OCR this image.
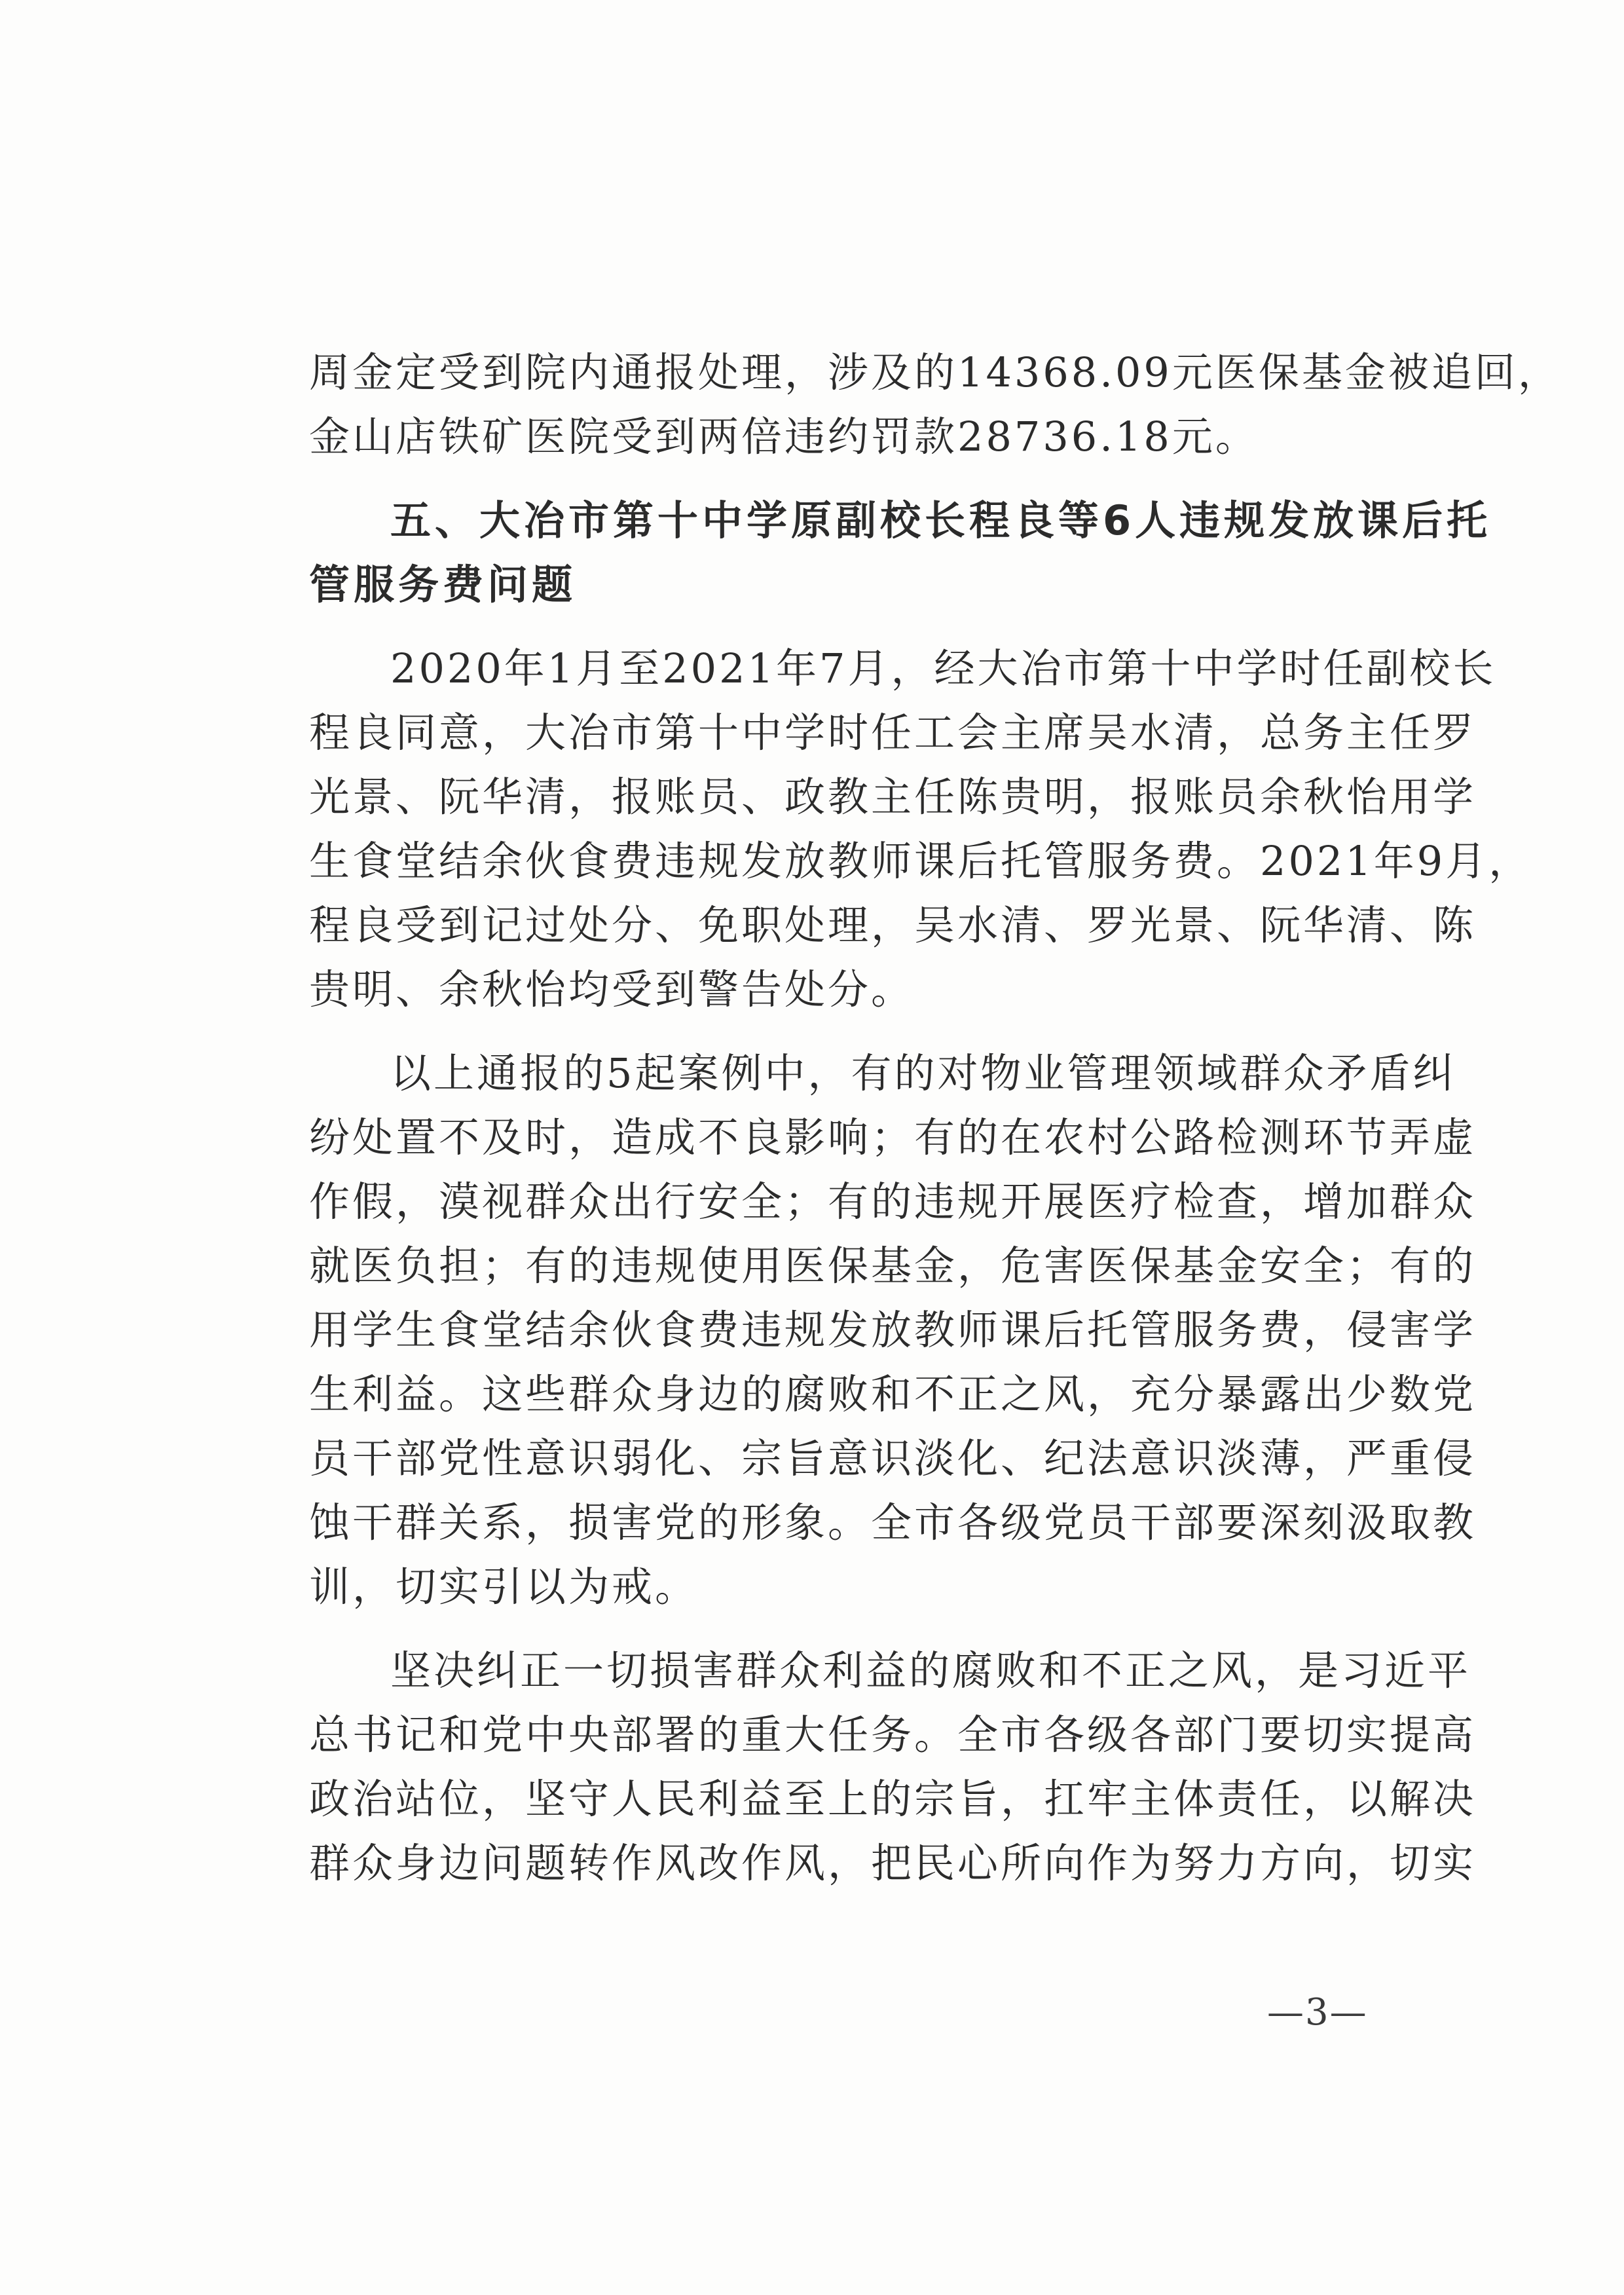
周金定受到院内通报处理，涉及的14368.09元医保基金被追回，
金山店铁矿医院受到两倍违约罚款28736.18元。
五、大冶市第十中学原副校长程良等6人违规发放课后托
管服务费问题
2020年1月至2021年7月，经大冶市第十中学时任副校长
程良同意，大冶市第十中学时任工会主席吴水清，总务主任罗
光景、阮华清，报账员、政教主任陈贵明，报账员余秋怡用学
生食堂结余伙食费违规发放教师课后托管服务费。2021年9月，
程良受到记过处分、免职处理，吴水清、罗光景、阮华清、陈
贵明、余秋怡均受到警告处分。
以上通报的5起案例中，有的对物业管理领域群众矛盾纠
纷处置不及时，造成不良影响；有的在农村公路检测环节弄虚
作假，漠视群众出行安全；有的违规开展医疗检查，增加群众
就医负担；有的违规使用医保基金，危害医保基金安全；有的
用学生食堂结余伙食费违规发放教师课后托管服务费，侵害学
生利益。这些群众身边的腐败和不正之风，充分暴露出少数党
员干部党性意识弱化、宗旨意识淡化、纪法意识淡薄，严重侵
蚀干群关系，损害党的形象。全市各级党员干部要深刻汲取教
训，切实引以为戒。
坚决纠正一切损害群众利益的腐败和不正之风，是习近平
总书记和党中央部署的重大任务。全市各级各部门要切实提高
政治站位，坚守人民利益至上的宗旨，扛牢主体责任，以解决
群众身边问题转作风改作风，把民心所向作为努力方向，切实
—3—
